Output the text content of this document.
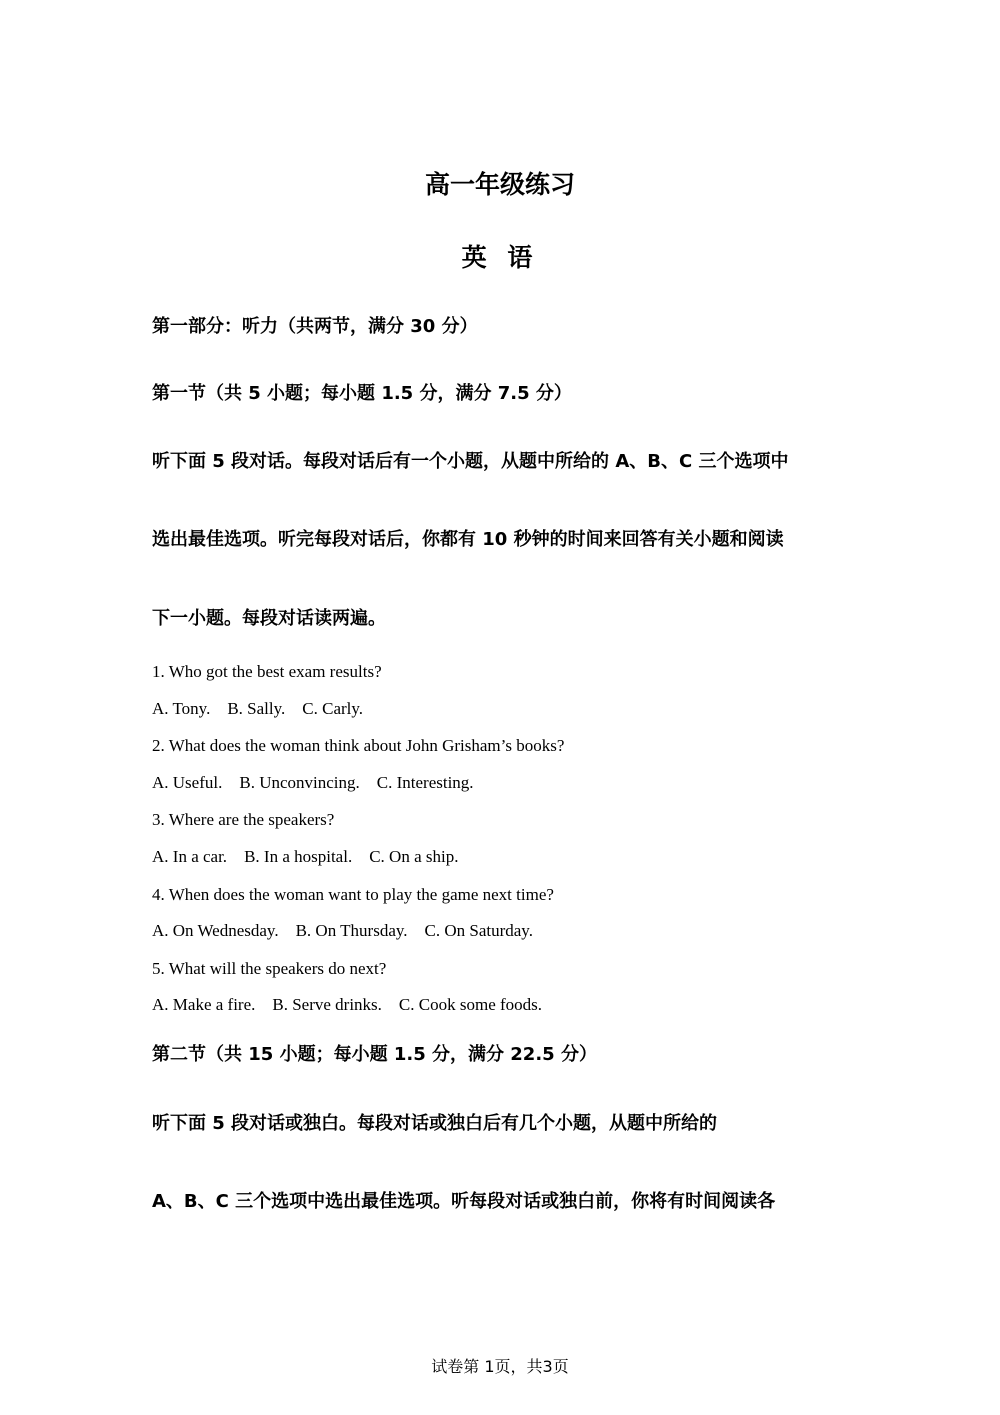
高一年级练习
英 语

第一部分：听力（共两节，满分 30 分）

第一节（共 5 小题；每小题 1.5 分，满分 7.5 分）

听下面 5 段对话。每段对话后有一个小题，从题中所给的 A、B、C 三个选项中

选出最佳选项。听完每段对话后，你都有 10 秒钟的时间来回答有关小题和阅读

下一小题。每段对话读两遍。

1. Who got the best exam results?

A. Tony. B. Sally. C. Carly.

2. What does the woman think about John Grisham’s books?

A. Useful. B. Unconvincing. C. Interesting.

3. Where are the speakers?

A. In a car. B. In a hospital. C. On a ship.

4. When does the woman want to play the game next time?

A. On Wednesday. B. On Thursday. C. On Saturday.

5. What will the speakers do next?

A. Make a fire. B. Serve drinks. C. Cook some foods.

第二节（共 15 小题；每小题 1.5 分，满分 22.5 分）

听下面 5 段对话或独白。每段对话或独白后有几个小题，从题中所给的

A、B、C 三个选项中选出最佳选项。听每段对话或独白前，你将有时间阅读各

试卷第 1页，共3页
